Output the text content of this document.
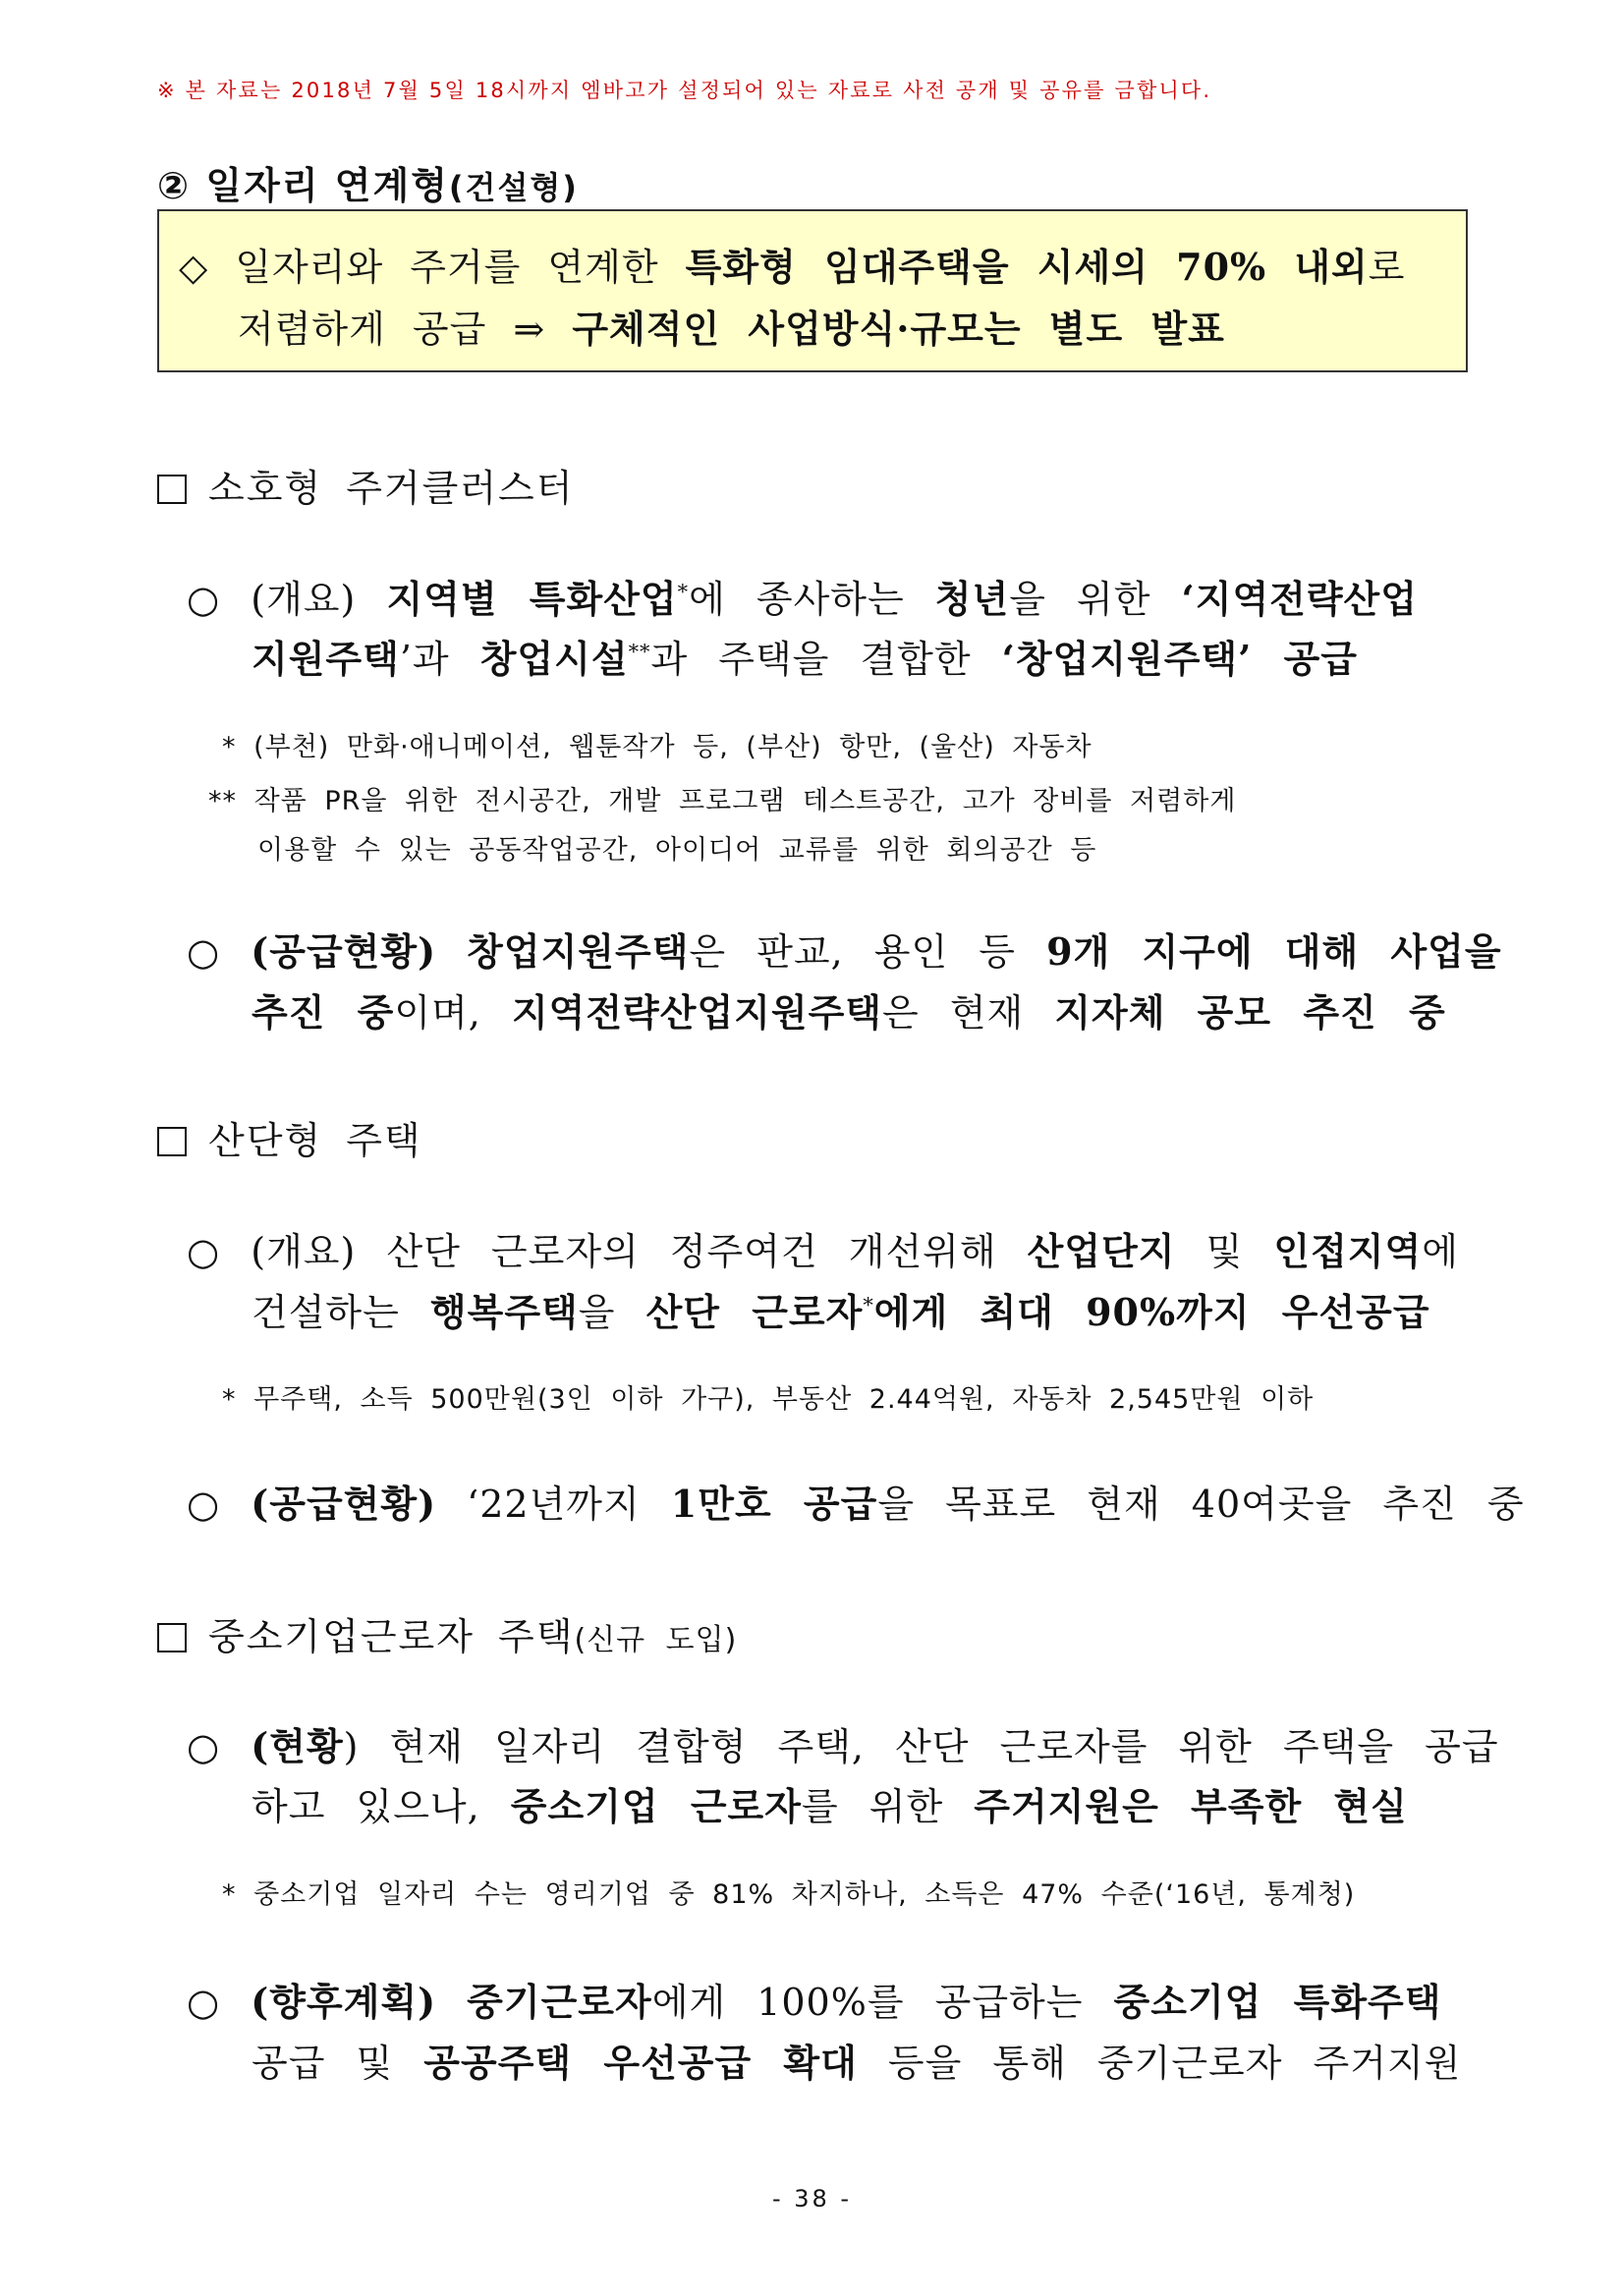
※ 본 자료는 2018년 7월 5일 18시까지 엠바고가 설정되어 있는 자료로 사전 공개 및 공유를 금합니다.
② 일자리 연계형(건설형)
◇ 일자리와 주거를 연계한 특화형 임대주택을 시세의 70% 내외로
저렴하게 공급 ⇒ 구체적인 사업방식·규모는 별도 발표
소호형 주거클러스터
○ (개요) 지역별 특화산업*에 종사하는 청년을 위한 ‘지역전략산업
지원주택’과 창업시설**과 주택을 결합한 ‘창업지원주택’ 공급
* (부천) 만화·애니메이션, 웹툰작가 등, (부산) 항만, (울산) 자동차
** 작품 PR을 위한 전시공간, 개발 프로그램 테스트공간, 고가 장비를 저렴하게
이용할 수 있는 공동작업공간, 아이디어 교류를 위한 회의공간 등
○ (공급현황) 창업지원주택은 판교, 용인 등 9개 지구에 대해 사업을
추진 중이며, 지역전략산업지원주택은 현재 지자체 공모 추진 중
산단형 주택
○ (개요) 산단 근로자의 정주여건 개선위해 산업단지 및 인접지역에
건설하는 행복주택을 산단 근로자*에게 최대 90%까지 우선공급
* 무주택, 소득 500만원(3인 이하 가구), 부동산 2.44억원, 자동차 2,545만원 이하
○ (공급현황) ‘22년까지 1만호 공급을 목표로 현재 40여곳을 추진 중
중소기업근로자 주택(신규 도입)
○ (현황) 현재 일자리 결합형 주택, 산단 근로자를 위한 주택을 공급
하고 있으나, 중소기업 근로자를 위한 주거지원은 부족한 현실
* 중소기업 일자리 수는 영리기업 중 81% 차지하나, 소득은 47% 수준(‘16년, 통계청)
○ (향후계획) 중기근로자에게 100%를 공급하는 중소기업 특화주택
공급 및 공공주택 우선공급 확대 등을 통해 중기근로자 주거지원
- 38 -
